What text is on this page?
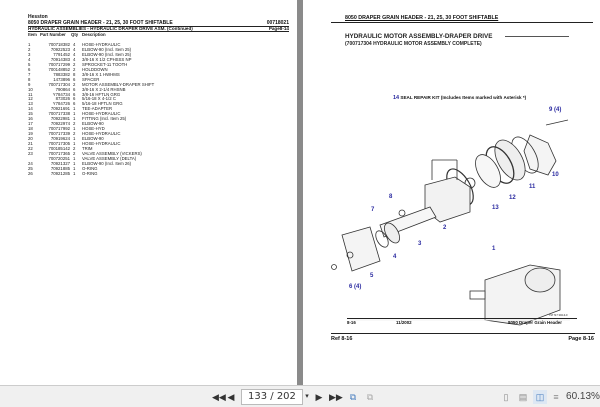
Hesston
8050 DRAPER GRAIN HEADER - 21, 25, 30 FOOT SHIFTABLE	00718021
HYDRAULIC ASSEMBLIES - HYDRAULIC DRAPER DRIVE ASM. (Continued)	Page8-14
Item Part Number Qty Description
1	700718382 4 HOSE-HYDRAULIC
2	70922523 4 ELBOW-90 (Incl. Item 25)
3	7791452 4 ELBOW-90 (Incl. Item 25)
4	70914383 4 3/8-16 X 1/2 CPHSSS NP
5	700717299 2 SPROCKET-11 TOOTH
6	700148852 2 HOLDDOWN
7	7883382 8 3/8-16 X 1 HWHMS
8	1473896 6 SPACER
9	700717304 2 MOTOR ASSEMBLY-DRAPER SHIFT
10	790864 6 3/8-16 X 2-1/4 RHSNB
11	Y784734 6 3/8-16 HFTLN GRG
12	873026 6 5/16-18 X 4-1/2 C
13	Y784726 6 5/16-18 HFTLN GRG
14	70921691 1 TEE-ADAPTER
15	700717338 1 HOSE-HYDRAULIC
16	70922981 1 FITTING (Incl. Item 25)
17	70922974 2 ELBOW-90
18	700717992 1 HOSE-HYD
19	700717339 2 HOSE-HYDRAULIC
20	70919624 1 ELBOW-90
21	700717305 1 HOSE-HYDRAULIC
22	700185142 2 TRIM
23	700717365 2 VALVE ASSEMBLY (VICKERS)
700720251 1 VALVE ASSEMBLY (DELTA)
24	70921327 1 ELBOW-90 (Incl. Item 26)
25	70921885 1 O-RING
26	70921285 1 O-RING
8050 DRAPER GRAIN HEADER - 21, 25, 30 FOOT SHIFTABLE
HYDRAULIC MOTOR ASSEMBLY-DRAPER DRIVE
(700717304 HYDRAULIC MOTOR ASSEMBLY COMPLETE)
14 SEAL REPAIR KIT (Includes Items marked with Asterisk *)
1
2
3
4
5
6 (4)
7
8
9 (4)
10
11
12
13
TM 717 304-0-0
8-16	11/2002	8050 Draper Grain Header
Ref 8-16	Page 8-16
◀◀ ◀	133 / 202	▾ ▶ ▶▶ ⧉	⧉	▯	▤ ◫	≡ 60.13%
